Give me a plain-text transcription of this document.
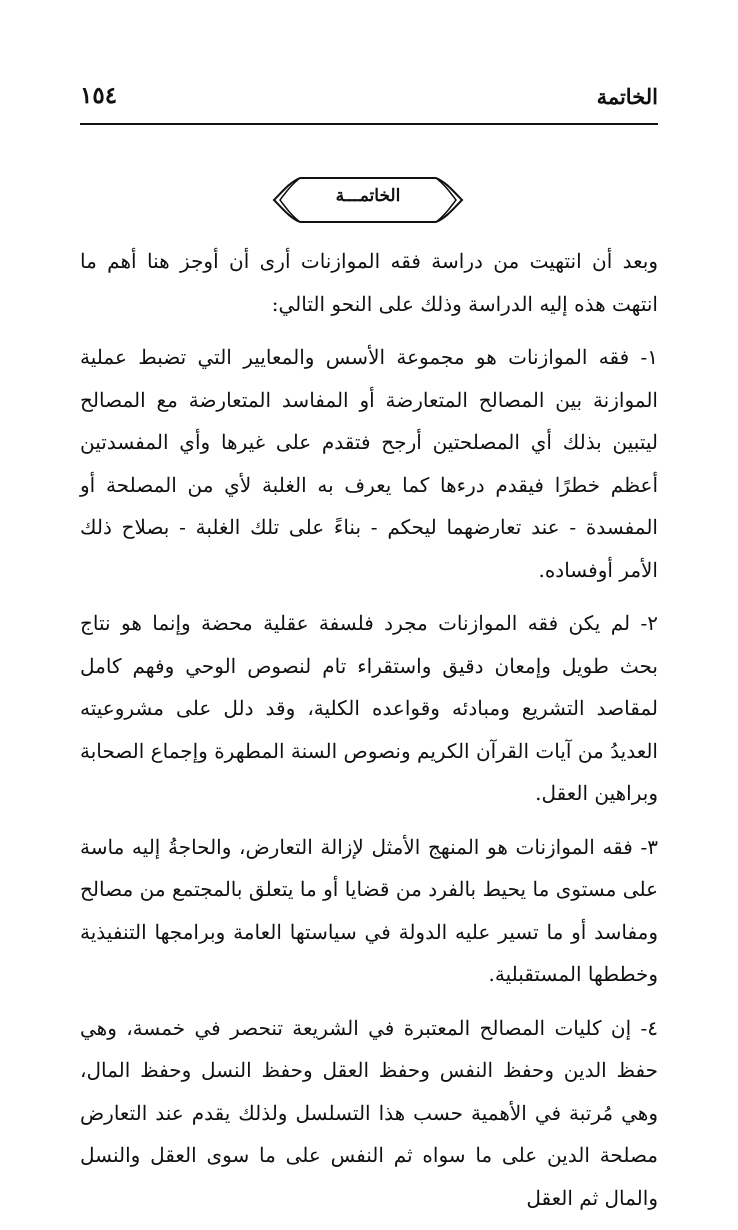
الخاتمة
١٥٤
الخاتمـــة

وبعد أن انتهيت من دراسة فقه الموازنات أرى أن أوجز هنا أهم ما انتهت هذه إليه الدراسة وذلك على النحو التالي:

١- فقه الموازنات هو مجموعة الأسس والمعايير التي تضبط عملية الموازنة بين المصالح المتعارضة أو المفاسد المتعارضة مع المصالح ليتبين بذلك أي المصلحتين أرجح فتقدم على غيرها وأي المفسدتين أعظم خطرًا فيقدم درءها كما يعرف به الغلبة لأي من المصلحة أو المفسدة - عند تعارضهما ليحكم - بناءً على تلك الغلبة - بصلاح ذلك الأمر أوفساده.

٢- لم يكن فقه الموازنات مجرد فلسفة عقلية محضة وإنما هو نتاج بحث طويل وإمعان دقيق واستقراء تام لنصوص الوحي وفهم كامل لمقاصد التشريع ومبادئه وقواعده الكلية، وقد دلل على مشروعيته العديدُ من آيات القرآن الكريم ونصوص السنة المطهرة وإجماع الصحابة وبراهين العقل.

٣- فقه الموازنات هو المنهج الأمثل لإزالة التعارض، والحاجةُ إليه ماسة على مستوى ما يحيط بالفرد من قضايا أو ما يتعلق بالمجتمع من مصالح ومفاسد أو ما تسير عليه الدولة في سياستها العامة وبرامجها التنفيذية وخططها المستقبلية.

٤- إن كليات المصالح المعتبرة في الشريعة تنحصر في خمسة، وهي حفظ الدين وحفظ النفس وحفظ العقل وحفظ النسل وحفظ المال، وهي مُرتبة في الأهمية حسب هذا التسلسل ولذلك يقدم عند التعارض مصلحة الدين على ما سواه ثم النفس على ما سوى العقل والنسل والمال ثم العقل
